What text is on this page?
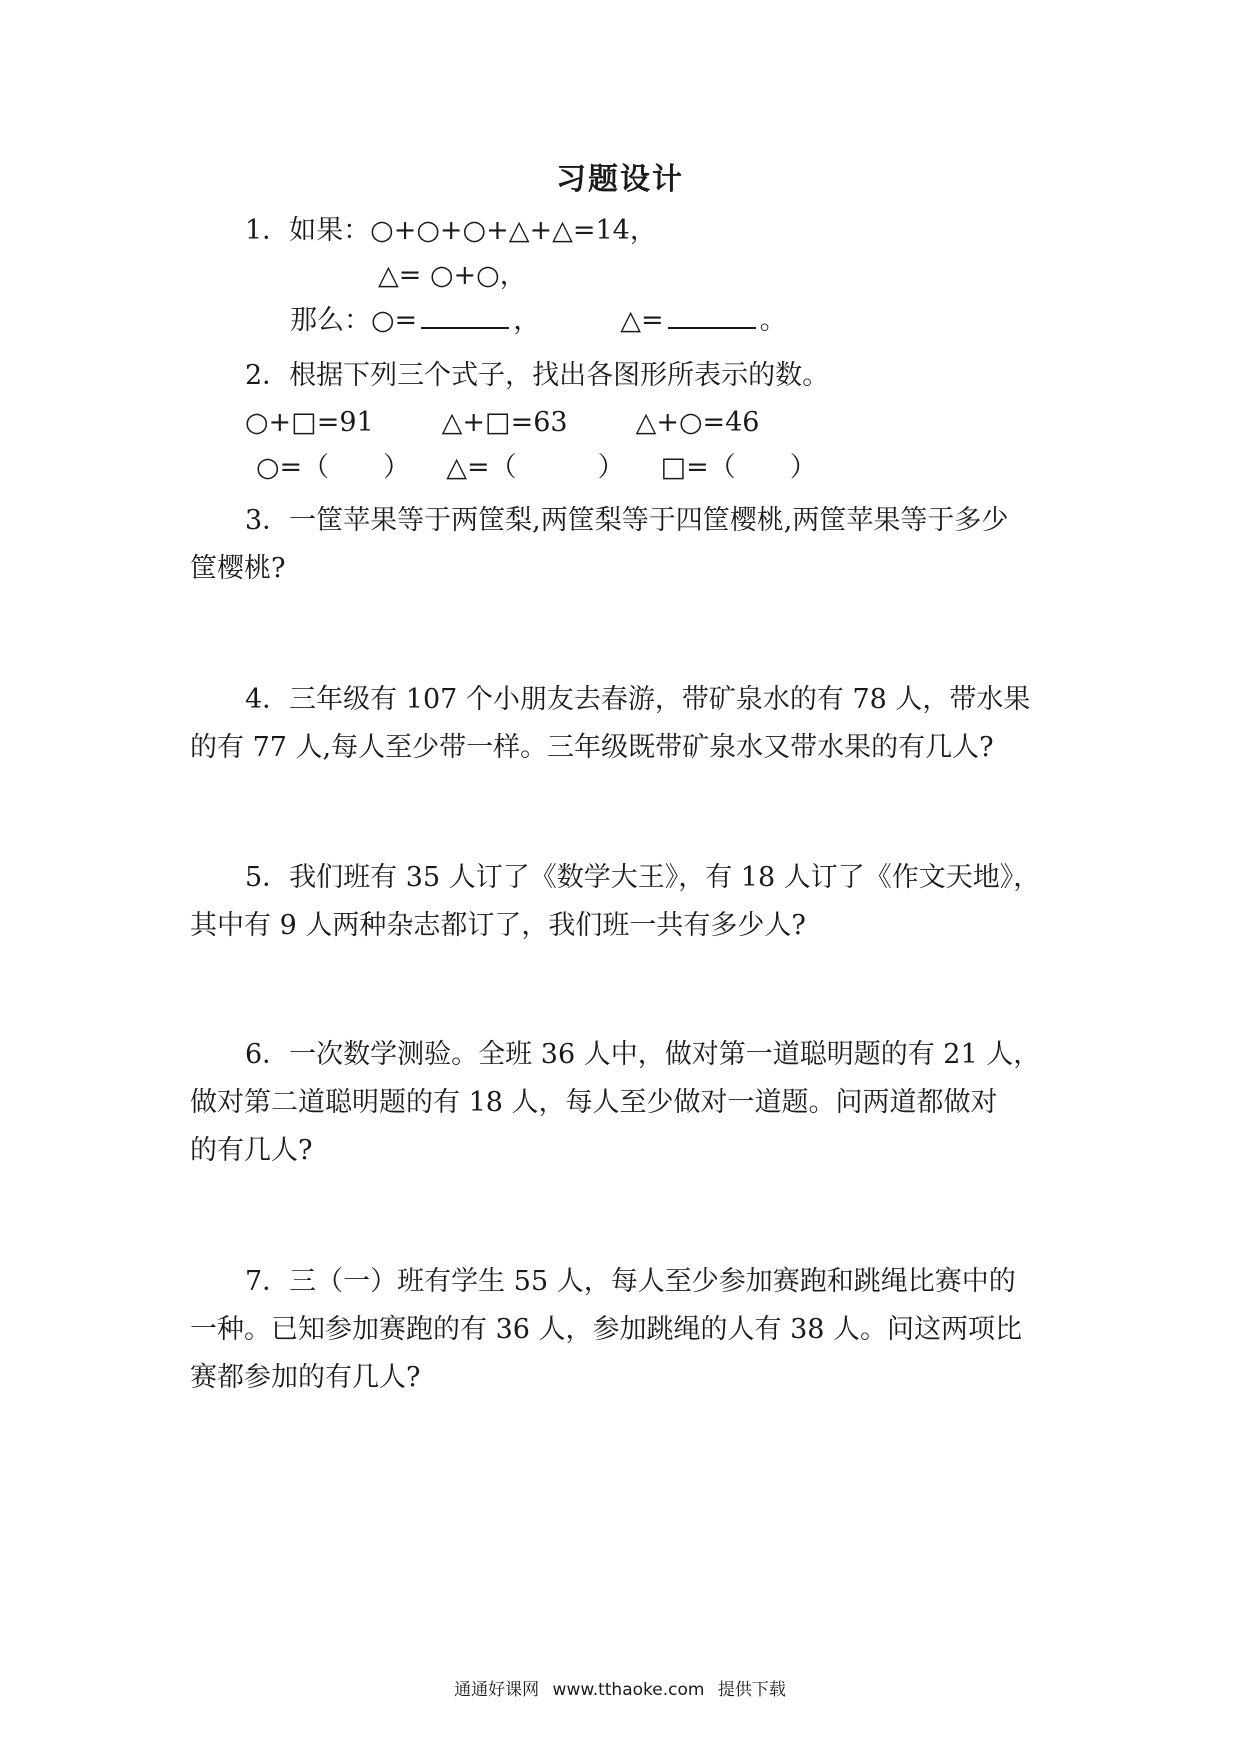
习题设计
1．如果：○+○+○+△+△=14，
△= ○+○，
那么：○=	，	△=	。
2．根据下列三个式子，找出各图形所表示的数。
○+□=91	△+□=63	△+○=46
○=（　　） △=（　　　） □=（　　）
3．一筐苹果等于两筐梨,两筐梨等于四筐樱桃,两筐苹果等于多少
筐樱桃?
4．三年级有 107 个小朋友去春游，带矿泉水的有 78 人，带水果
的有 77 人,每人至少带一样。三年级既带矿泉水又带水果的有几人?
5．我们班有 35 人订了《数学大王》，有 18 人订了《作文天地》，
其中有 9 人两种杂志都订了，我们班一共有多少人?
6．一次数学测验。全班 36 人中，做对第一道聪明题的有 21 人，
做对第二道聪明题的有 18 人，每人至少做对一道题。问两道都做对
的有几人?
7．三（一）班有学生 55 人，每人至少参加赛跑和跳绳比赛中的
一种。已知参加赛跑的有 36 人，参加跳绳的人有 38 人。问这两项比
赛都参加的有几人?
通通好课网 www.tthaoke.com 提供下载
